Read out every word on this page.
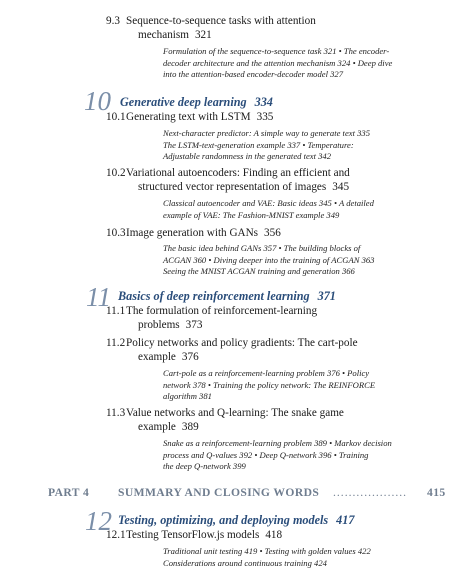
9.3 Sequence-to-sequence tasks with attention
mechanism 321
Formulation of the sequence-to-sequence task 321 • The encoder-
decoder architecture and the attention mechanism 324 • Deep dive
into the attention-based encoder-decoder model 327
10 Generative deep learning 334
10.1 Generating text with LSTM 335
Next-character predictor: A simple way to generate text 335
The LSTM-text-generation example 337 • Temperature:
Adjustable randomness in the generated text 342
10.2 Variational autoencoders: Finding an efficient and
structured vector representation of images 345
Classical autoencoder and VAE: Basic ideas 345 • A detailed
example of VAE: The Fashion-MNIST example 349
10.3 Image generation with GANs 356
The basic idea behind GANs 357 • The building blocks of
ACGAN 360 • Diving deeper into the training of ACGAN 363
Seeing the MNIST ACGAN training and generation 366
11 Basics of deep reinforcement learning 371
11.1 The formulation of reinforcement-learning
problems 373
11.2 Policy networks and policy gradients: The cart-pole
example 376
Cart-pole as a reinforcement-learning problem 376 • Policy
network 378 • Training the policy network: The REINFORCE
algorithm 381
11.3 Value networks and Q-learning: The snake game
example 389
Snake as a reinforcement-learning problem 389 • Markov decision
process and Q-values 392 • Deep Q-network 396 • Training
the deep Q-network 399
PART 4 SUMMARY AND CLOSING WORDS ................... 415
12 Testing, optimizing, and deploying models 417
12.1 Testing TensorFlow.js models 418
Traditional unit testing 419 • Testing with golden values 422
Considerations around continuous training 424
